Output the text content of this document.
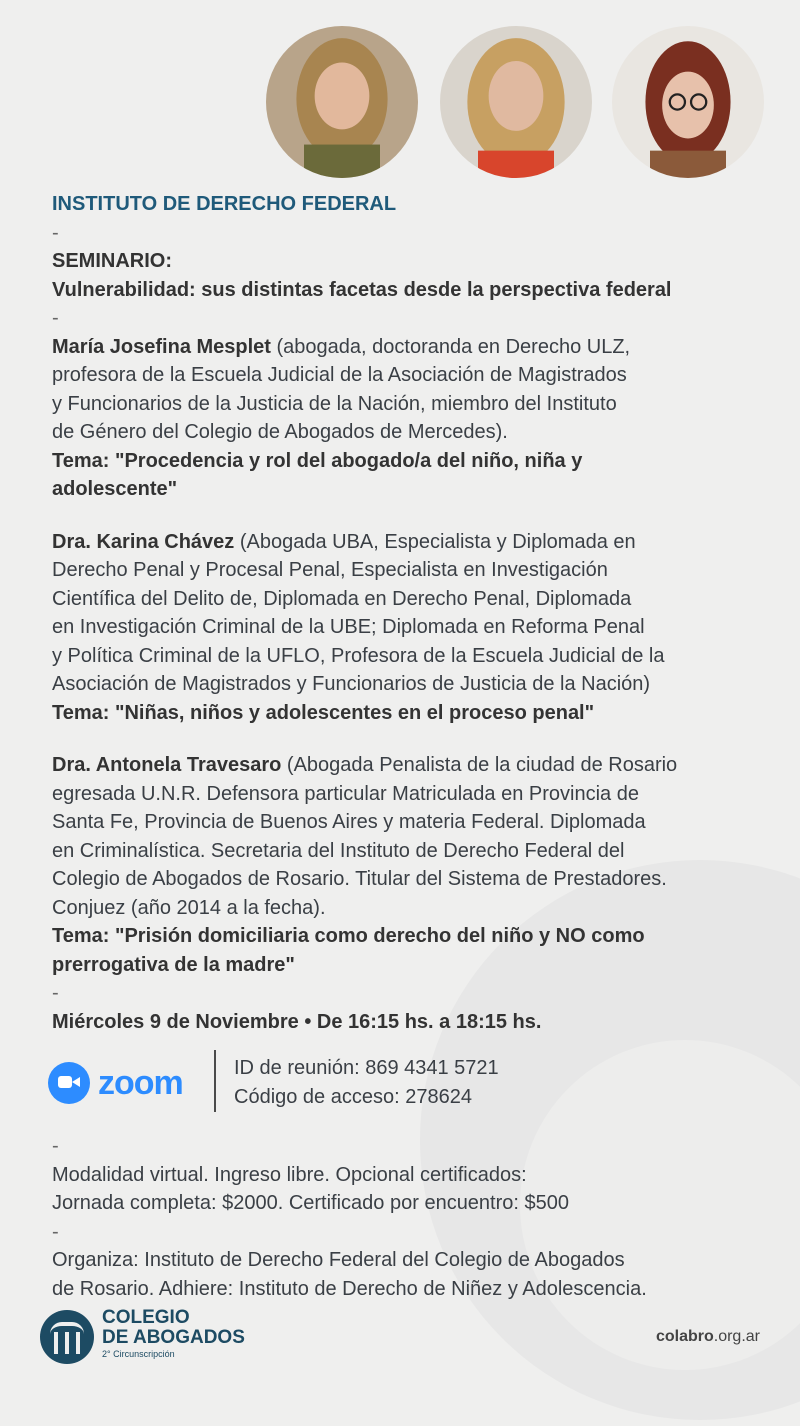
INSTITUTO DE DERECHO FEDERAL
-
SEMINARIO:
Vulnerabilidad: sus distintas facetas desde la perspectiva federal
-
María Josefina Mesplet (abogada, doctoranda en Derecho ULZ,
profesora de la Escuela Judicial de la Asociación de Magistrados
y Funcionarios de la Justicia de la Nación, miembro del Instituto
de Género del Colegio de Abogados de Mercedes).
Tema: "Procedencia y rol del abogado/a del niño, niña y
adolescente"
Dra. Karina Chávez (Abogada UBA, Especialista y Diplomada en
Derecho Penal y Procesal Penal, Especialista en Investigación
Científica del Delito de, Diplomada en Derecho Penal, Diplomada
en Investigación Criminal de la UBE; Diplomada en Reforma Penal
y Política Criminal de la UFLO, Profesora de la Escuela Judicial de la
Asociación de Magistrados y Funcionarios de Justicia de la Nación)
Tema: "Niñas, niños y adolescentes en el proceso penal"
Dra. Antonela Travesaro (Abogada Penalista de la ciudad de Rosario
egresada U.N.R. Defensora particular Matriculada en Provincia de
Santa Fe, Provincia de Buenos Aires y materia Federal. Diplomada
en Criminalística. Secretaria del Instituto de Derecho Federal del
Colegio de Abogados de Rosario. Titular del Sistema de Prestadores.
Conjuez (año 2014 a la fecha).
Tema: "Prisión domiciliaria como derecho del niño y NO como
prerrogativa de la madre"
-
Miércoles 9 de Noviembre • De 16:15 hs. a 18:15 hs.
zoom	ID de reunión: 869 4341 5721
Código de acceso: 278624
-
Modalidad virtual. Ingreso libre. Opcional certificados:
Jornada completa: $2000. Certificado por encuentro: $500
-
Organiza: Instituto de Derecho Federal del Colegio de Abogados
de Rosario. Adhiere: Instituto de Derecho de Niñez y Adolescencia.
COLEGIO
DE ABOGADOS
2° Circunscripción
colabro.org.ar
